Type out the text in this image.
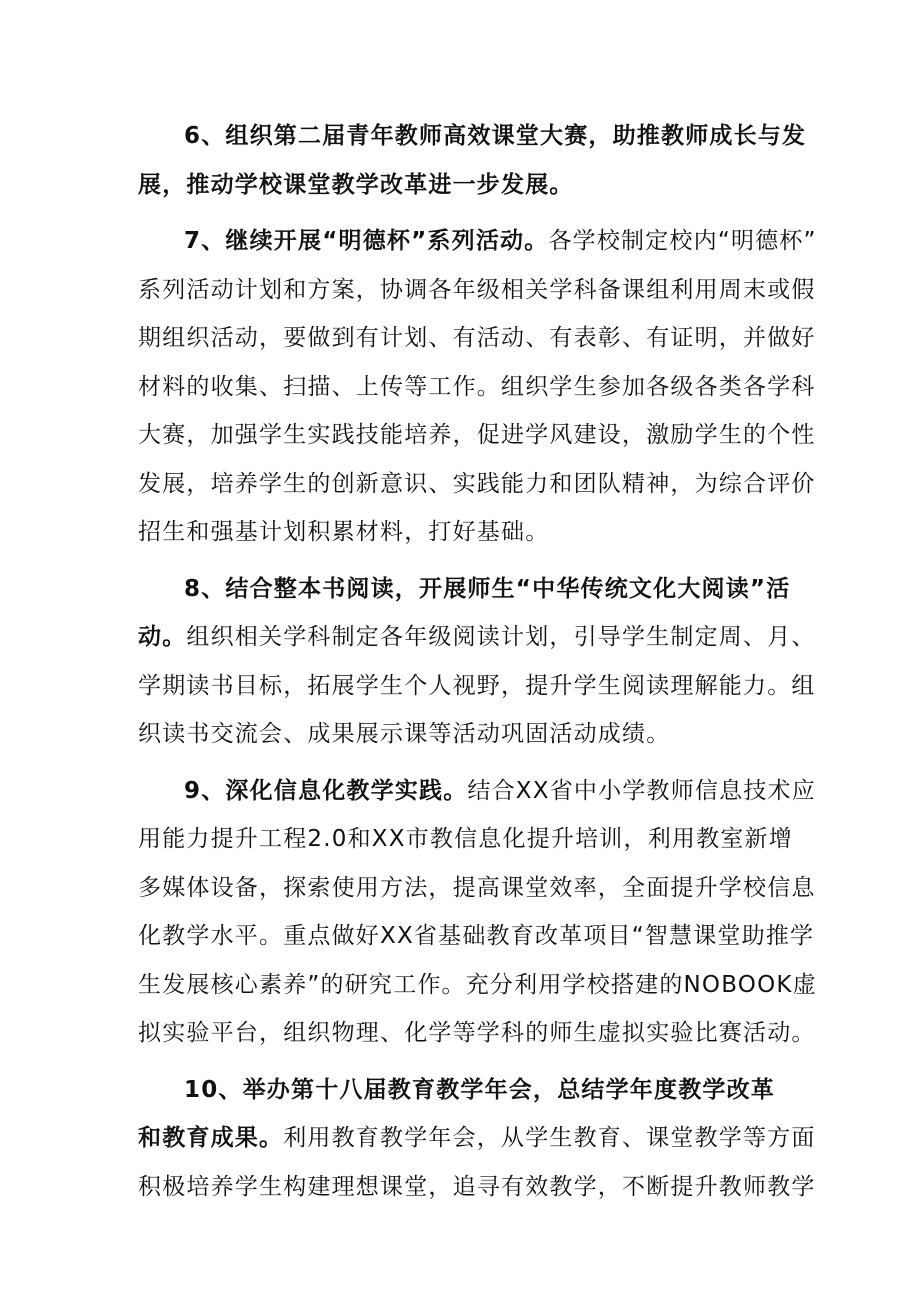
6、组织第二届青年教师高效课堂大赛，助推教师成长与发
展，推动学校课堂教学改革进一步发展。
7、继续开展“明德杯”系列活动。各学校制定校内“明德杯”
系列活动计划和方案，协调各年级相关学科备课组利用周末或假
期组织活动，要做到有计划、有活动、有表彰、有证明，并做好
材料的收集、扫描、上传等工作。组织学生参加各级各类各学科
大赛，加强学生实践技能培养，促进学风建设，激励学生的个性
发展，培养学生的创新意识、实践能力和团队精神，为综合评价
招生和强基计划积累材料，打好基础。
8、结合整本书阅读，开展师生“中华传统文化大阅读”活
动。组织相关学科制定各年级阅读计划，引导学生制定周、月、
学期读书目标，拓展学生个人视野，提升学生阅读理解能力。组
织读书交流会、成果展示课等活动巩固活动成绩。
9、深化信息化教学实践。结合XX省中小学教师信息技术应
用能力提升工程2.0和XX市教信息化提升培训，利用教室新增
多媒体设备，探索使用方法，提高课堂效率，全面提升学校信息
化教学水平。重点做好XX省基础教育改革项目“智慧课堂助推学
生发展核心素养”的研究工作。充分利用学校搭建的NOBOOK虚
拟实验平台，组织物理、化学等学科的师生虚拟实验比赛活动。
10、举办第十八届教育教学年会，总结学年度教学改革
和教育成果。利用教育教学年会，从学生教育、课堂教学等方面
积极培养学生构建理想课堂，追寻有效教学，不断提升教师教学
